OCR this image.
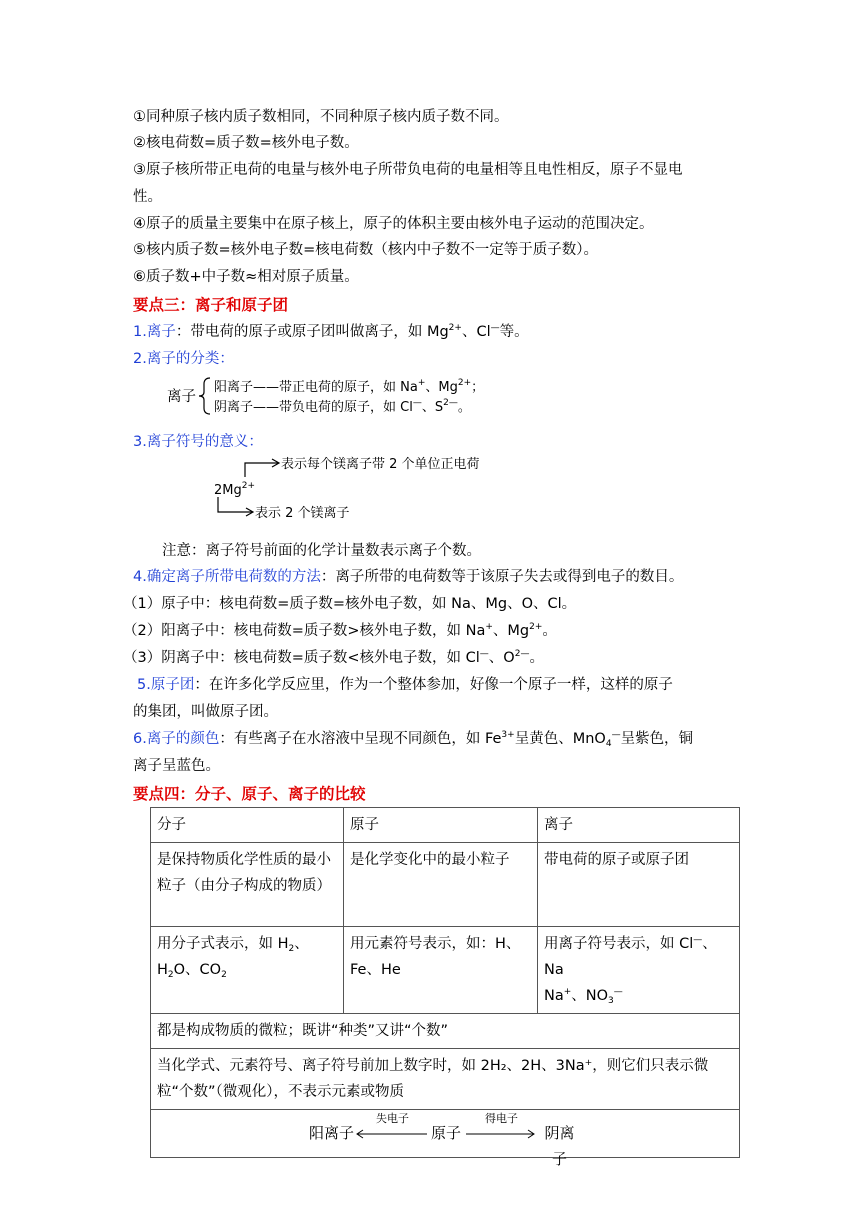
①同种原子核内质子数相同，不同种原子核内质子数不同。
②核电荷数=质子数=核外电子数。
③原子核所带正电荷的电量与核外电子所带负电荷的电量相等且电性相反，原子不显电
性。
④原子的质量主要集中在原子核上，原子的体积主要由核外电子运动的范围决定。
⑤核内质子数=核外电子数=核电荷数（核内中子数不一定等于质子数）。
⑥质子数+中子数≈相对原子质量。
要点三：离子和原子团
1.离子：带电荷的原子或原子团叫做离子，如 $Mg^{2+}$、Cl—等。
2.离子的分类：
离子
阳离子——带正电荷的原子，如 Na+、$Mg^{2+}$；
阴离子——带负电荷的原子，如 Cl—、$S^{2—}$。
3.离子符号的意义：
$2Mg^{2+}$
表示每个镁离子带 2 个单位正电荷
表示 2 个镁离子
注意：离子符号前面的化学计量数表示离子个数。
4.确定离子所带电荷数的方法：离子所带的电荷数等于该原子失去或得到电子的数目。
（1）原子中：核电荷数=质子数=核外电子数，如 Na、Mg、O、Cl。
（2）阳离子中：核电荷数=质子数>核外电子数，如 Na+、$Mg^{2+}$。
（3）阴离子中：核电荷数=质子数<核外电子数，如 Cl—、$O^{2—}$。
5.原子团：在许多化学反应里，作为一个整体参加，好像一个原子一样，这样的原子
的集团，叫做原子团。
6.离子的颜色：有些离子在水溶液中呈现不同颜色，如 $Fe^{3+}$呈黄色、MnO$_4$—呈紫色，铜
离子呈蓝色。
要点四：分子、原子、离子的比较
分子	原子	离子
是保持物质化学性质的最小粒子（由分子构成的物质）	是化学变化中的最小粒子	带电荷的原子或原子团
用分子式表示，如 $H_2$、
$H_2O$、$CO_2$	用元素符号表示，如：H、Fe、He	用离子符号表示，如 Cl—、Na
Na+、$NO_3^—$
都是构成物质的微粒；既讲“种类”又讲“个数”		
当化学式、元素符号、离子符号前加上数字时，如 2H₂、2H、3Na⁺，则它们只表示微粒“个数”（微观化），不表示元素或物质		

阳离子
失电子
原子
得电子
阴离子		
